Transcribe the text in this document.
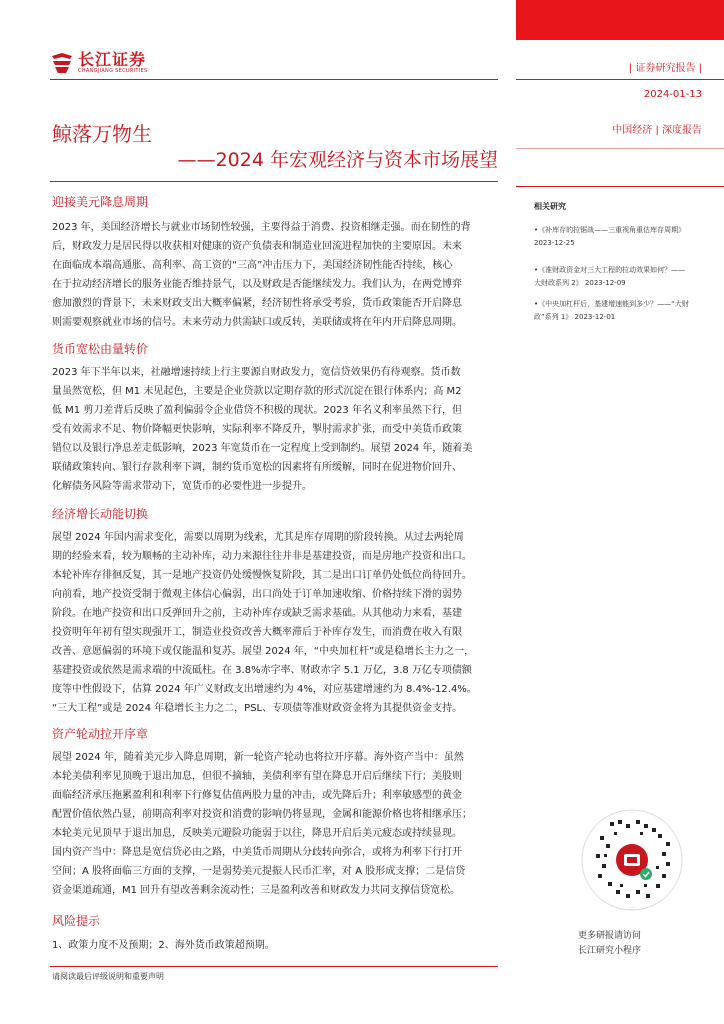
长江证券
CHANGJIANG SECURITIES	| 证券研究报告 |
2024-01-13
中国经济 | 深度报告
鲸落万物生
——2024 年宏观经济与资本市场展望
迎接美元降息周期
2023 年，美国经济增长与就业市场韧性较强，主要得益于消费、投资相继走强。而在韧性的背
后，财政发力是居民得以收获相对健康的资产负债表和制造业回流进程加快的主要原因。未来
在面临成本端高通胀、高利率、高工资的“三高”冲击压力下，美国经济韧性能否持续，核心
在于拉动经济增长的服务业能否维持景气，以及财政是否能继续发力。我们认为，在两党博弈
愈加激烈的背景下，未来财政支出大概率偏紧，经济韧性将承受考验，货币政策能否开启降息
则需要观察就业市场的信号。未来劳动力供需缺口或反转，美联储或将在年内开启降息周期。
货币宽松由量转价
2023 年下半年以来，社融增速持续上行主要源自财政发力，宽信贷效果仍有待观察。货币数
量虽然宽松，但 M1 未见起色，主要是企业贷款以定期存款的形式沉淀在银行体系内；高 M2
低 M1 剪刀差背后反映了盈利偏弱令企业借贷不积极的现状。2023 年名义利率虽然下行，但
受有效需求不足、物价降幅更快影响，实际利率不降反升，掣肘需求扩张，而受中美货币政策
错位以及银行净息差走低影响，2023 年宽货币在一定程度上受到制约。展望 2024 年，随着美
联储政策转向、银行存款利率下调，制约货币宽松的因素将有所缓解，同时在促进物价回升、
化解债务风险等需求带动下，宽货币的必要性进一步提升。
经济增长动能切换
展望 2024 年国内需求变化，需要以周期为线索，尤其是库存周期的阶段转换。从过去两轮周
期的经验来看，较为顺畅的主动补库，动力来源往往并非是基建投资，而是房地产投资和出口。
本轮补库存徘徊反复，其一是地产投资仍处缓慢恢复阶段，其二是出口订单仍处低位尚待回升。
向前看，地产投资受制于微观主体信心偏弱，出口尚处于订单加速收缩、价格持续下滑的弱势
阶段。在地产投资和出口反弹回升之前，主动补库存或缺乏需求基础。从其他动力来看，基建
投资明年年初有望实现强开工，制造业投资改善大概率滞后于补库存发生，而消费在收入有限
改善、意愿偏弱的环境下或仅能温和复苏。展望 2024 年，“中央加杠杆”或是稳增长主力之一，
基建投资或依然是需求端的中流砥柱。在 3.8%赤字率、财政赤字 5.1 万亿，3.8 万亿专项债额
度等中性假设下，估算 2024 年广义财政支出增速约为 4%，对应基建增速约为 8.4%-12.4%。
“三大工程”或是 2024 年稳增长主力之二，PSL、专项债等准财政资金将为其提供资金支持。
资产轮动拉开序章
展望 2024 年，随着美元步入降息周期，新一轮资产轮动也将拉开序幕。海外资产当中：虽然
本轮美债利率见顶晚于退出加息，但很不摘轴，美债利率有望在降息开启后继续下行；美股则
面临经济承压拖累盈利和利率下行修复估值两股力量的冲击，或先降后升；利率敏感型的黄金
配置价值依然凸显，前期高利率对投资和消费的影响仍将显现，金属和能源价格也将相继承压；
本轮美元见顶早于退出加息，反映美元避险功能弱于以往，降息开启后美元疲态或持续显现。
国内资产当中：降息是宽信贷必由之路，中美货币周期从分歧转向弥合，或将为利率下行打开
空间；A 股将面临三方面的支撑，一是弱势美元提振人民币汇率，对 A 股形成支撑；二是信贷
资金渠道疏通，M1 回升有望改善剩余流动性；三是盈利改善和财政发力共同支撑信贷宽松。
风险提示
1、政策力度不及预期；2、海外货币政策超预期。
相关研究
•《补库存的拉锯战——三重视角重估库存周期》
2023-12-25
•《准财政资金对三大工程的拉动效果如何？——
大财政系列 2》 2023-12-09
•《中央加杠杆后，基建增速能到多少？——“大财
政”系列 1》 2023-12-01
更多研报请访问
长江研究小程序
请阅读最后评级说明和重要声明
